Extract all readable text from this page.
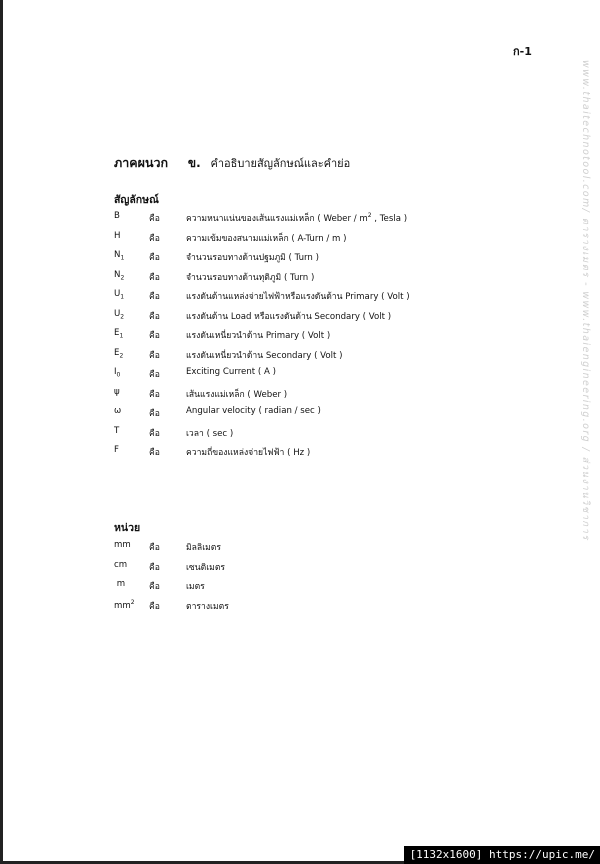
ก-1
ภาคผนวก ข. คำอธิบายสัญลักษณ์และคำย่อ
สัญลักษณ์
B	คือ	ความหนาแน่นของเส้นแรงแม่เหล็ก ( Weber / $m^2$ , Tesla )
H	คือ	ความเข้มของสนามแม่เหล็ก ( A-Turn / m )
$N_1$	คือ	จำนวนรอบทางด้านปฐมภูมิ ( Turn )
$N_2$	คือ	จำนวนรอบทางด้านทุติภูมิ ( Turn )
$U_1$	คือ	แรงดันด้านแหล่งจ่ายไฟฟ้าหรือแรงดันด้าน Primary ( Volt )
$U_2$	คือ	แรงดันด้าน Load หรือแรงดันด้าน Secondary ( Volt )
$E_1$	คือ	แรงดันเหนี่ยวนำด้าน Primary ( Volt )
$E_2$	คือ	แรงดันเหนี่ยวนำด้าน Secondary ( Volt )
$I_0$	คือ	Exciting Current ( A )
ψ	คือ	เส้นแรงแม่เหล็ก ( Weber )
ω	คือ	Angular velocity ( radian / sec )
T	คือ	เวลา ( sec )
F	คือ	ความถี่ของแหล่งจ่ายไฟฟ้า ( Hz )
หน่วย
mm	คือ	มิลลิเมตร
cm	คือ	เซนติเมตร
m	คือ	เมตร
$mm^2$	คือ	ตารางเมตร
www.thaitechnotool.com/ ตารางเมตร - www.thaiengineering.org / ส่วนงานวิชาการ
[1132x1600] https://upic.me/
